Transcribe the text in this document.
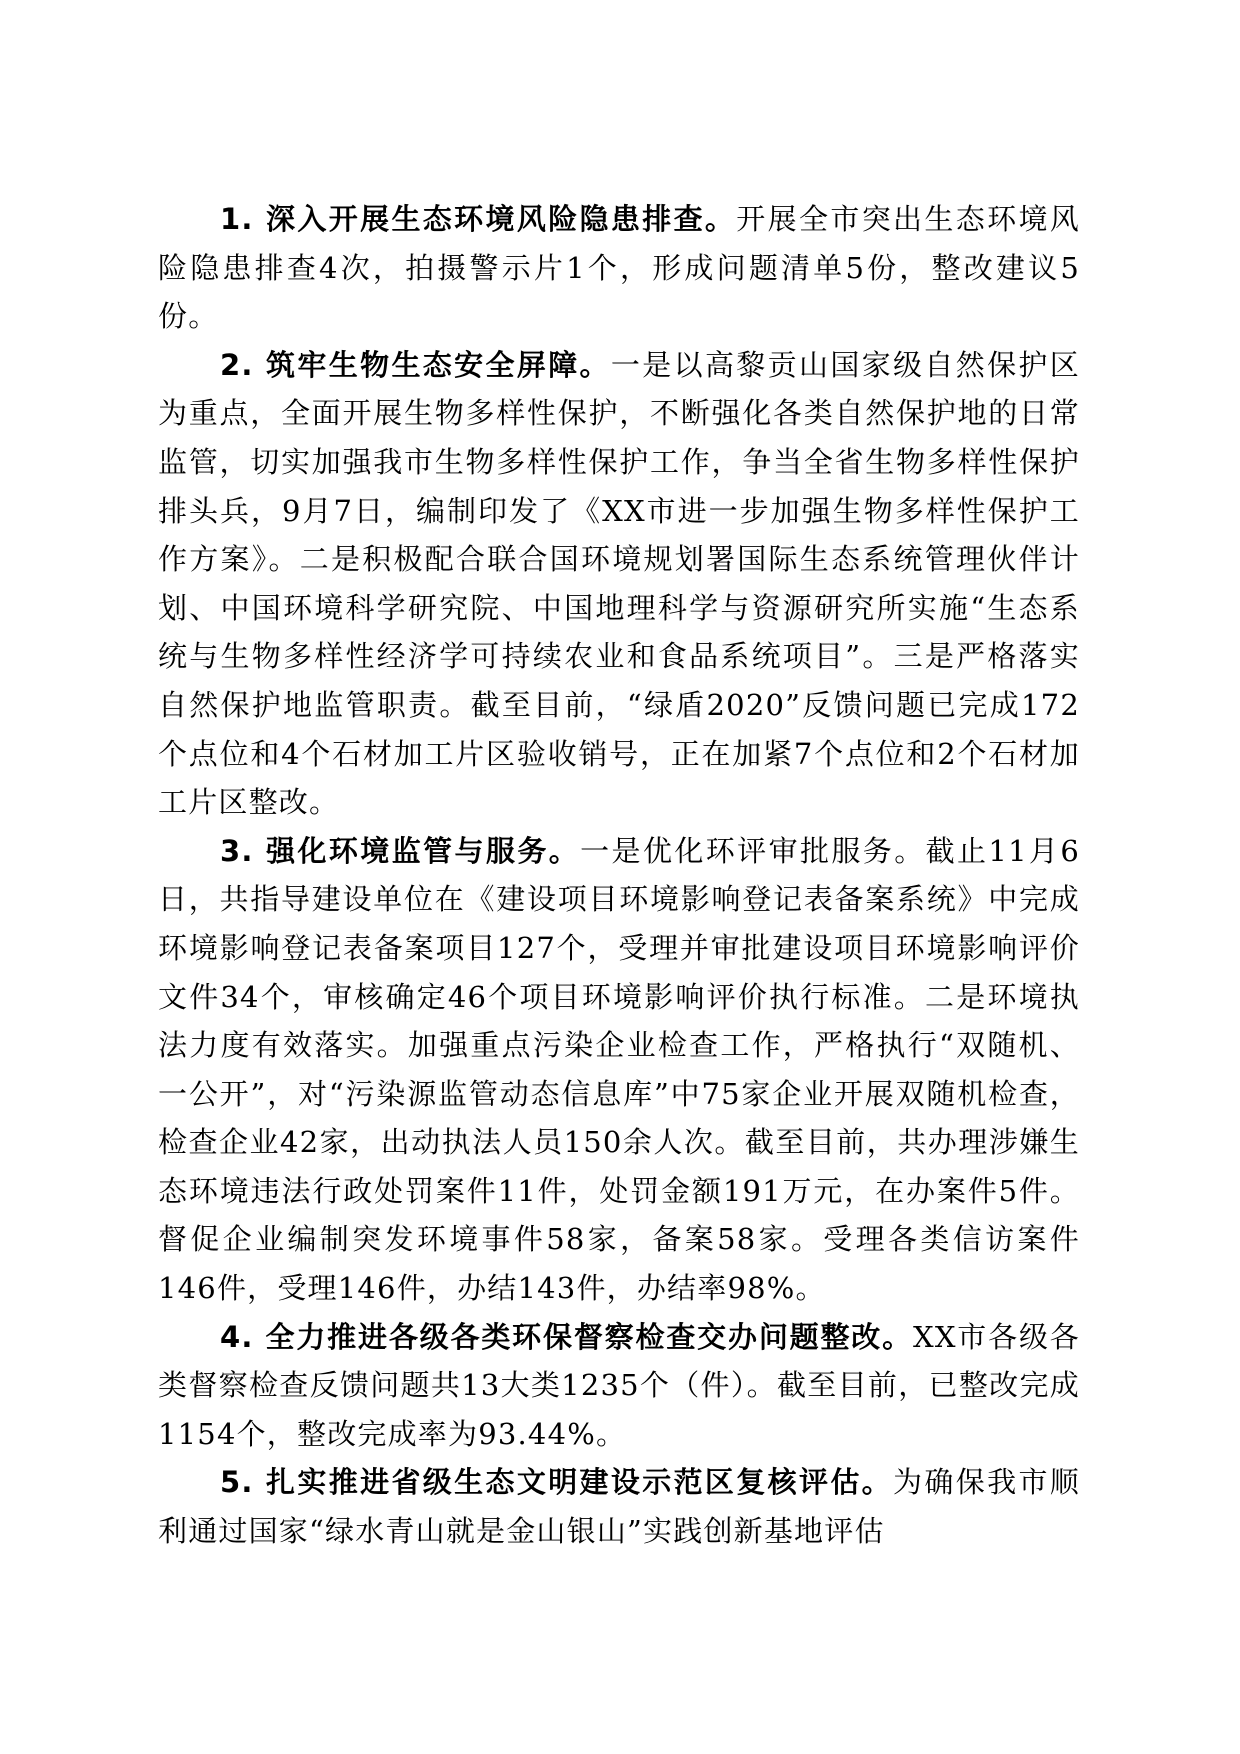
1. 深入开展生态环境风险隐患排查。开展全市突出生态环境风险隐患排查4次，拍摄警示片1个，形成问题清单5份，整改建议5份。

2. 筑牢生物生态安全屏障。一是以高黎贡山国家级自然保护区为重点，全面开展生物多样性保护，不断强化各类自然保护地的日常监管，切实加强我市生物多样性保护工作，争当全省生物多样性保护排头兵，9月7日，编制印发了《XX市进一步加强生物多样性保护工作方案》。二是积极配合联合国环境规划署国际生态系统管理伙伴计划、中国环境科学研究院、中国地理科学与资源研究所实施“生态系统与生物多样性经济学可持续农业和食品系统项目”。三是严格落实自然保护地监管职责。截至目前，“绿盾2020”反馈问题已完成172个点位和4个石材加工片区验收销号，正在加紧7个点位和2个石材加工片区整改。

3. 强化环境监管与服务。一是优化环评审批服务。截止11月6日，共指导建设单位在《建设项目环境影响登记表备案系统》中完成环境影响登记表备案项目127个，受理并审批建设项目环境影响评价文件34个，审核确定46个项目环境影响评价执行标准。二是环境执法力度有效落实。加强重点污染企业检查工作，严格执行“双随机、一公开”，对“污染源监管动态信息库”中75家企业开展双随机检查，检查企业42家，出动执法人员150余人次。截至目前，共办理涉嫌生态环境违法行政处罚案件11件，处罚金额191万元，在办案件5件。督促企业编制突发环境事件58家，备案58家。受理各类信访案件146件，受理146件，办结143件，办结率98%。

4. 全力推进各级各类环保督察检查交办问题整改。XX市各级各类督察检查反馈问题共13大类1235个（件）。截至目前，已整改完成1154个，整改完成率为93.44%。

5. 扎实推进省级生态文明建设示范区复核评估。为确保我市顺利通过国家“绿水青山就是金山银山”实践创新基地评估
